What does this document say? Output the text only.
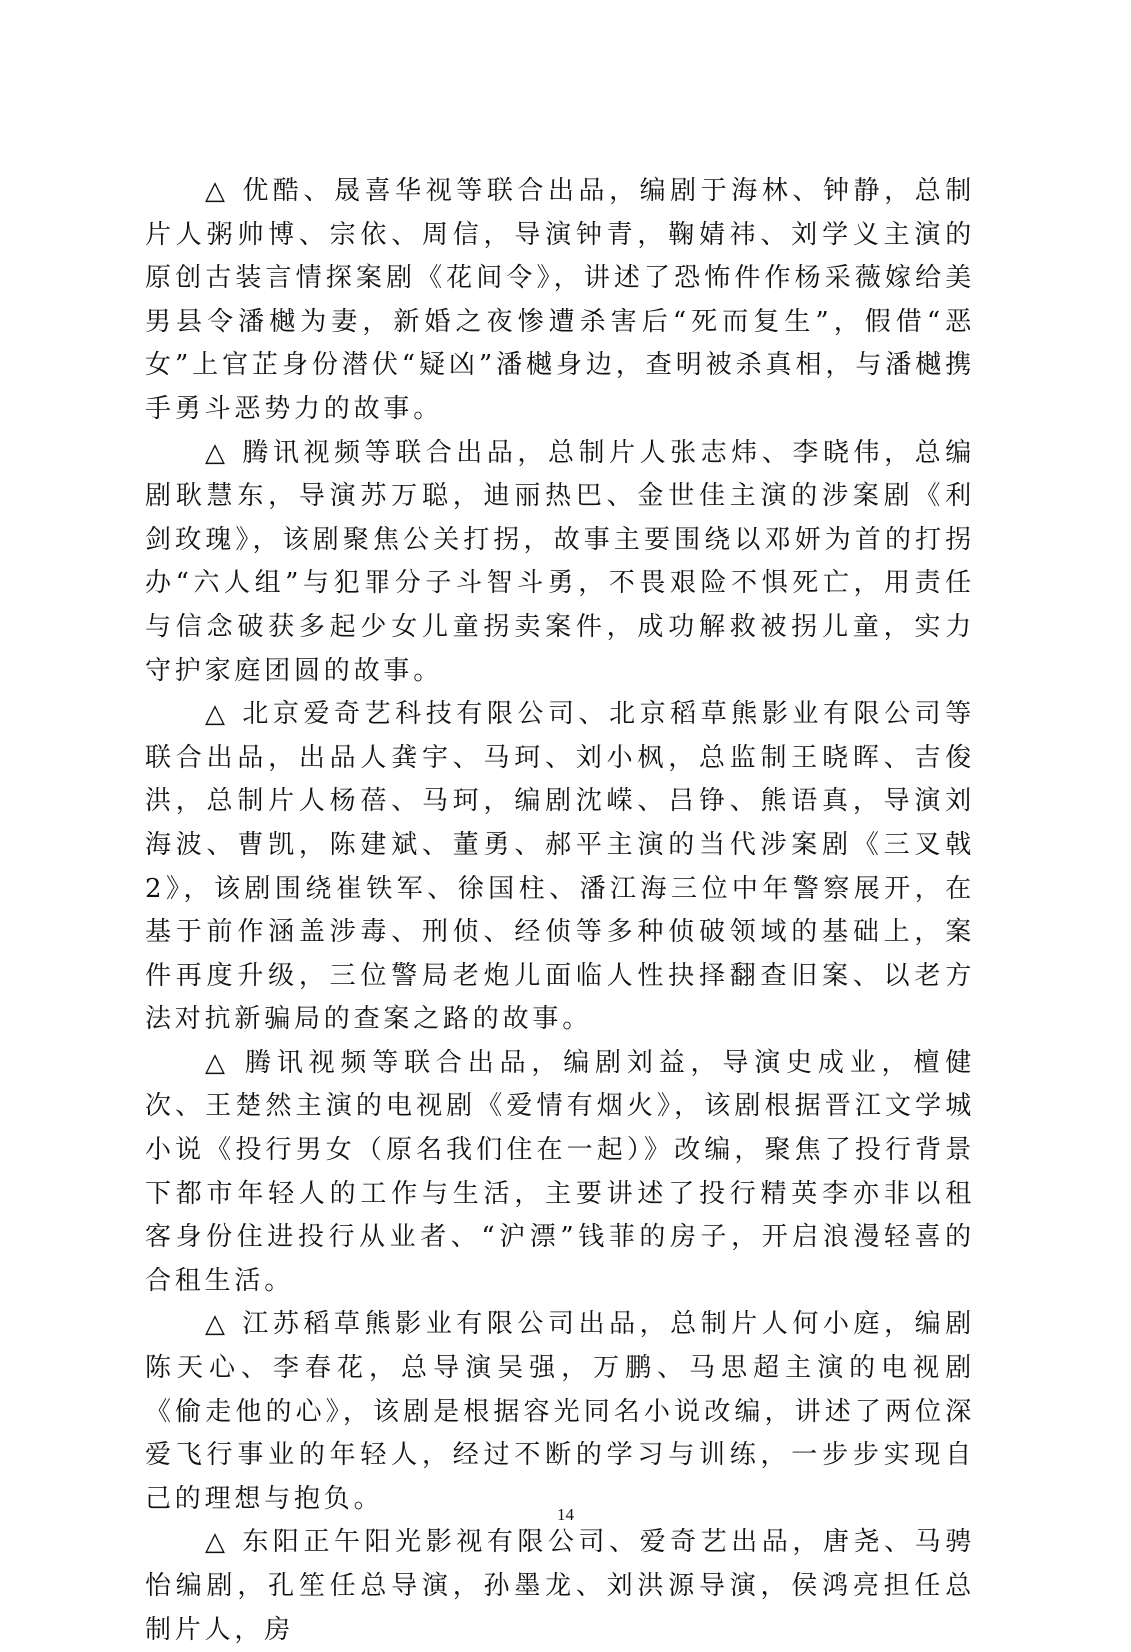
△ 优酷、晟喜华视等联合出品，编剧于海林、钟静，总制片人粥帅博、宗依、周信，导演钟青，鞠婧祎、刘学义主演的原创古装言情探案剧《花间令》，讲述了恐怖件作杨采薇嫁给美男县令潘樾为妻，新婚之夜惨遭杀害后“死而复生”，假借“恶女”上官芷身份潜伏“疑凶”潘樾身边，查明被杀真相，与潘樾携手勇斗恶势力的故事。

△ 腾讯视频等联合出品，总制片人张志炜、李晓伟，总编剧耿慧东，导演苏万聪，迪丽热巴、金世佳主演的涉案剧《利剑玫瑰》，该剧聚焦公关打拐，故事主要围绕以邓妍为首的打拐办“六人组”与犯罪分子斗智斗勇，不畏艰险不惧死亡，用责任与信念破获多起少女儿童拐卖案件，成功解救被拐儿童，实力守护家庭团圆的故事。

△ 北京爱奇艺科技有限公司、北京稻草熊影业有限公司等联合出品，出品人龚宇、马珂、刘小枫，总监制王晓晖、吉俊洪，总制片人杨蓓、马珂，编剧沈嵘、吕铮、熊语真，导演刘海波、曹凯，陈建斌、董勇、郝平主演的当代涉案剧《三叉戟2》，该剧围绕崔铁军、徐国柱、潘江海三位中年警察展开，在基于前作涵盖涉毒、刑侦、经侦等多种侦破领域的基础上，案件再度升级，三位警局老炮儿面临人性抉择翻查旧案、以老方法对抗新骗局的查案之路的故事。

△ 腾讯视频等联合出品，编剧刘益，导演史成业，檀健次、王楚然主演的电视剧《爱情有烟火》，该剧根据晋江文学城小说《投行男女（原名我们住在一起）》改编，聚焦了投行背景下都市年轻人的工作与生活，主要讲述了投行精英李亦非以租客身份住进投行从业者、“沪漂”钱菲的房子，开启浪漫轻喜的合租生活。

△ 江苏稻草熊影业有限公司出品，总制片人何小庭，编剧陈天心、李春花，总导演吴强，万鹏、马思超主演的电视剧《偷走他的心》，该剧是根据容光同名小说改编，讲述了两位深爱飞行事业的年轻人，经过不断的学习与训练，一步步实现自己的理想与抱负。

△ 东阳正午阳光影视有限公司、爱奇艺出品，唐尧、马骋怡编剧，孔笙任总导演，孙墨龙、刘洪源导演，侯鸿亮担任总制片人，房

14
